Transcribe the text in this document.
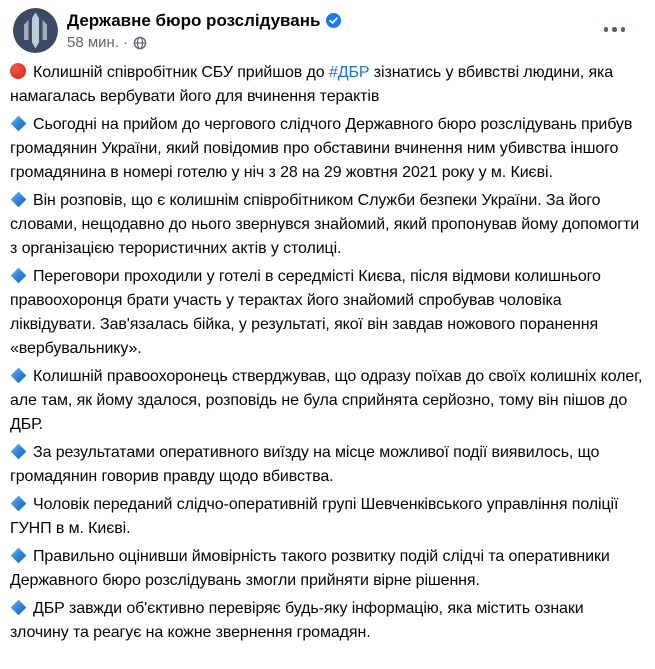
Державне бюро розслідувань
58 мин. ·

Колишній співробітник СБУ прийшов до #ДБР зізнатись у вбивстві людини, яка намагалась вербувати його для вчинення терактів

Сьогодні на прийом до чергового слідчого Державного бюро розслідувань прибув громадянин України, який повідомив про обставини вчинення ним убивства іншого громадянина в номері готелю у ніч з 28 на 29 жовтня 2021 року у м. Києві.

Він розповів, що є колишнім співробітником Служби безпеки України. За його словами, нещодавно до нього звернувся знайомий, який пропонував йому допомогти з організацією терористичних актів у столиці.

Переговори проходили у готелі в середмісті Києва, після відмови колишнього правоохоронця брати участь у терактах його знайомий спробував чоловіка ліквідувати. Зав'язалась бійка, у результаті, якої він завдав ножового поранення «вербувальнику».

Колишній правоохоронець стверджував, що одразу поїхав до своїх колишніх колег, але там, як йому здалося, розповідь не була сприйнята серйозно, тому він пішов до ДБР.

За результатами оперативного виїзду на місце можливої події виявилось, що громадянин говорив правду щодо вбивства.

Чоловік переданий слідчо-оперативній групі Шевченківського управління поліції ГУНП в м. Києві.

Правильно оцінивши ймовірність такого розвитку подій слідчі та оперативники Державного бюро розслідувань змогли прийняти вірне рішення.

ДБР завжди об'єктивно перевіряє будь-яку інформацію, яка містить ознаки злочину та реагує на кожне звернення громадян.
